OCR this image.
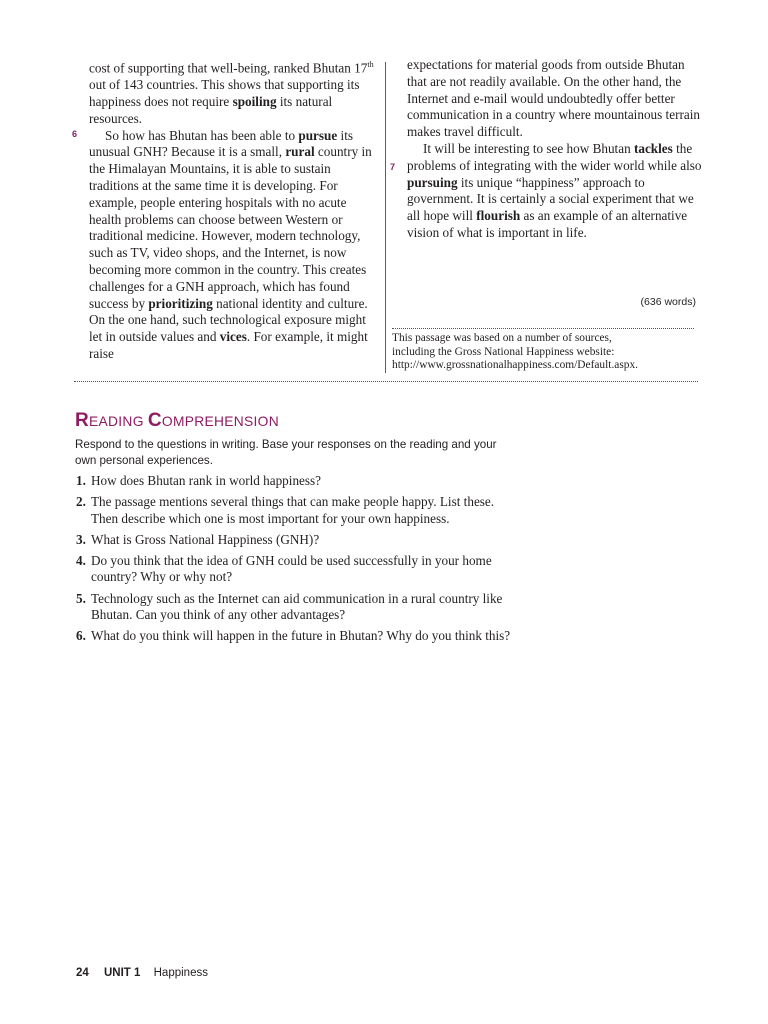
cost of supporting that well-being, ranked Bhutan 17th out of 143 countries. This shows that supporting its happiness does not require spoiling its natural resources.

So how has Bhutan has been able to pursue its unusual GNH? Because it is a small, rural country in the Himalayan Mountains, it is able to sustain traditions at the same time it is developing. For example, people entering hospitals with no acute health problems can choose between Western or traditional medicine. However, modern technology, such as TV, video shops, and the Internet, is now becoming more common in the country. This creates challenges for a GNH approach, which has found success by prioritizing national identity and culture. On the one hand, such technological exposure might let in outside values and vices. For example, it might raise

6

expectations for material goods from outside Bhutan that are not readily available. On the other hand, the Internet and e-mail would undoubtedly offer better communication in a country where mountainous terrain makes travel difficult.

It will be interesting to see how Bhutan tackles the problems of integrating with the wider world while also pursuing its unique “happiness” approach to government. It is certainly a social experiment that we all hope will flourish as an example of an alternative vision of what is important in life.

7
(636 words)
This passage was based on a number of sources,
including the Gross National Happiness website:
http://www.grossnationalhappiness.com/Default.aspx.
READING COMPREHENSION
Respond to the questions in writing. Base your responses on the reading and your
own personal experiences.
1. How does Bhutan rank in world happiness?
2. The passage mentions several things that can make people happy. List these.
Then describe which one is most important for your own happiness.
3. What is Gross National Happiness (GNH)?
4. Do you think that the idea of GNH could be used successfully in your home
country? Why or why not?
5. Technology such as the Internet can aid communication in a rural country like
Bhutan. Can you think of any other advantages?
6. What do you think will happen in the future in Bhutan? Why do you think this?
24 UNIT 1 Happiness
